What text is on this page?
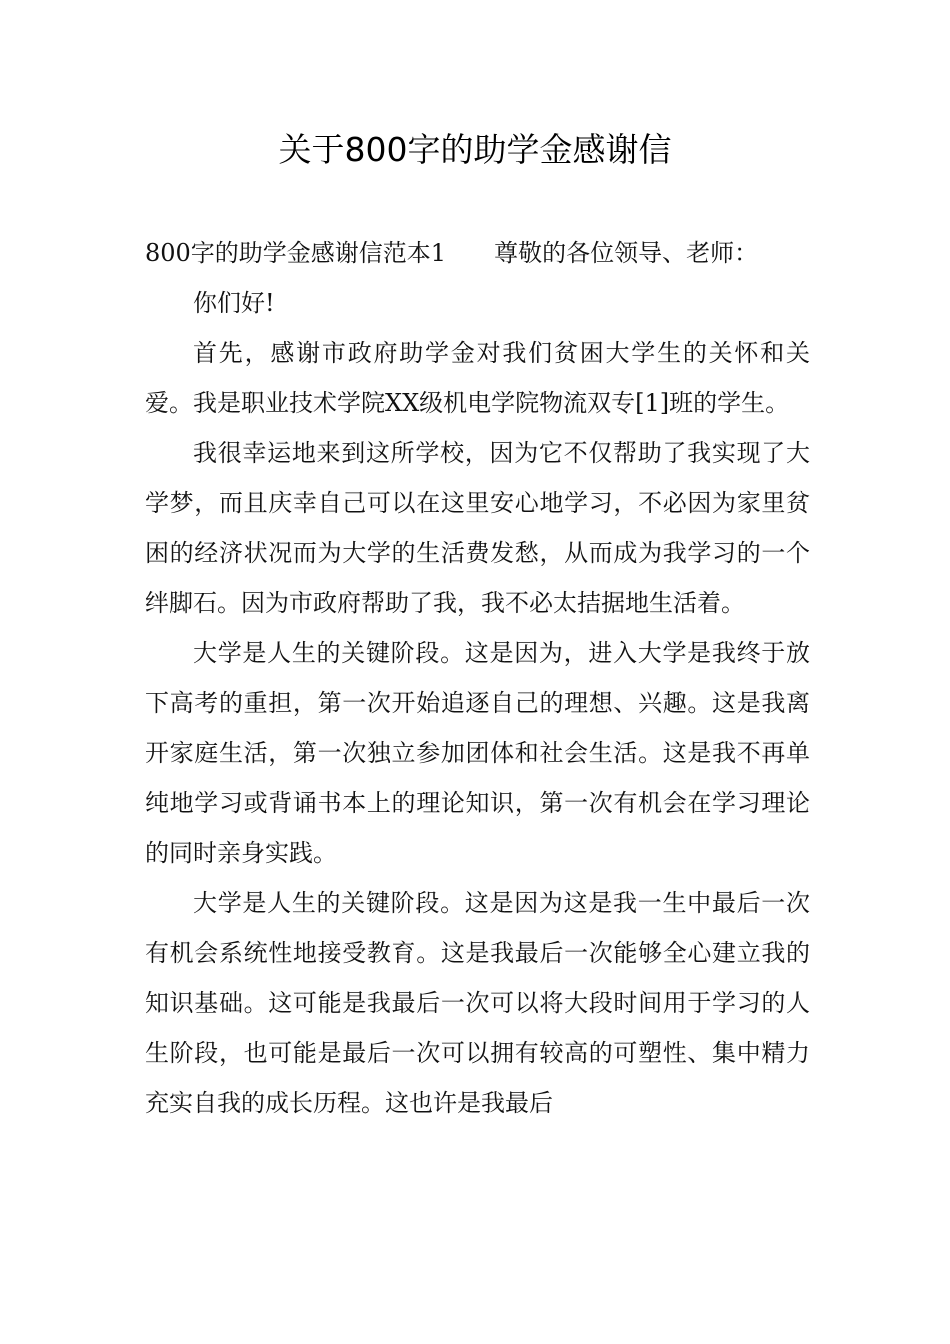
关于800字的助学金感谢信

800字的助学金感谢信范本1 尊敬的各位领导、老师：

你们好!

首先，感谢市政府助学金对我们贫困大学生的关怀和关爱。我是职业技术学院XX级机电学院物流双专[1]班的学生。

我很幸运地来到这所学校，因为它不仅帮助了我实现了大学梦，而且庆幸自己可以在这里安心地学习，不必因为家里贫困的经济状况而为大学的生活费发愁，从而成为我学习的一个绊脚石。因为市政府帮助了我，我不必太拮据地生活着。

大学是人生的关键阶段。这是因为，进入大学是我终于放下高考的重担，第一次开始追逐自己的理想、兴趣。这是我离开家庭生活，第一次独立参加团体和社会生活。这是我不再单纯地学习或背诵书本上的理论知识，第一次有机会在学习理论的同时亲身实践。

大学是人生的关键阶段。这是因为这是我一生中最后一次有机会系统性地接受教育。这是我最后一次能够全心建立我的知识基础。这可能是我最后一次可以将大段时间用于学习的人生阶段，也可能是最后一次可以拥有较高的可塑性、集中精力充实自我的成长历程。这也许是我最后
